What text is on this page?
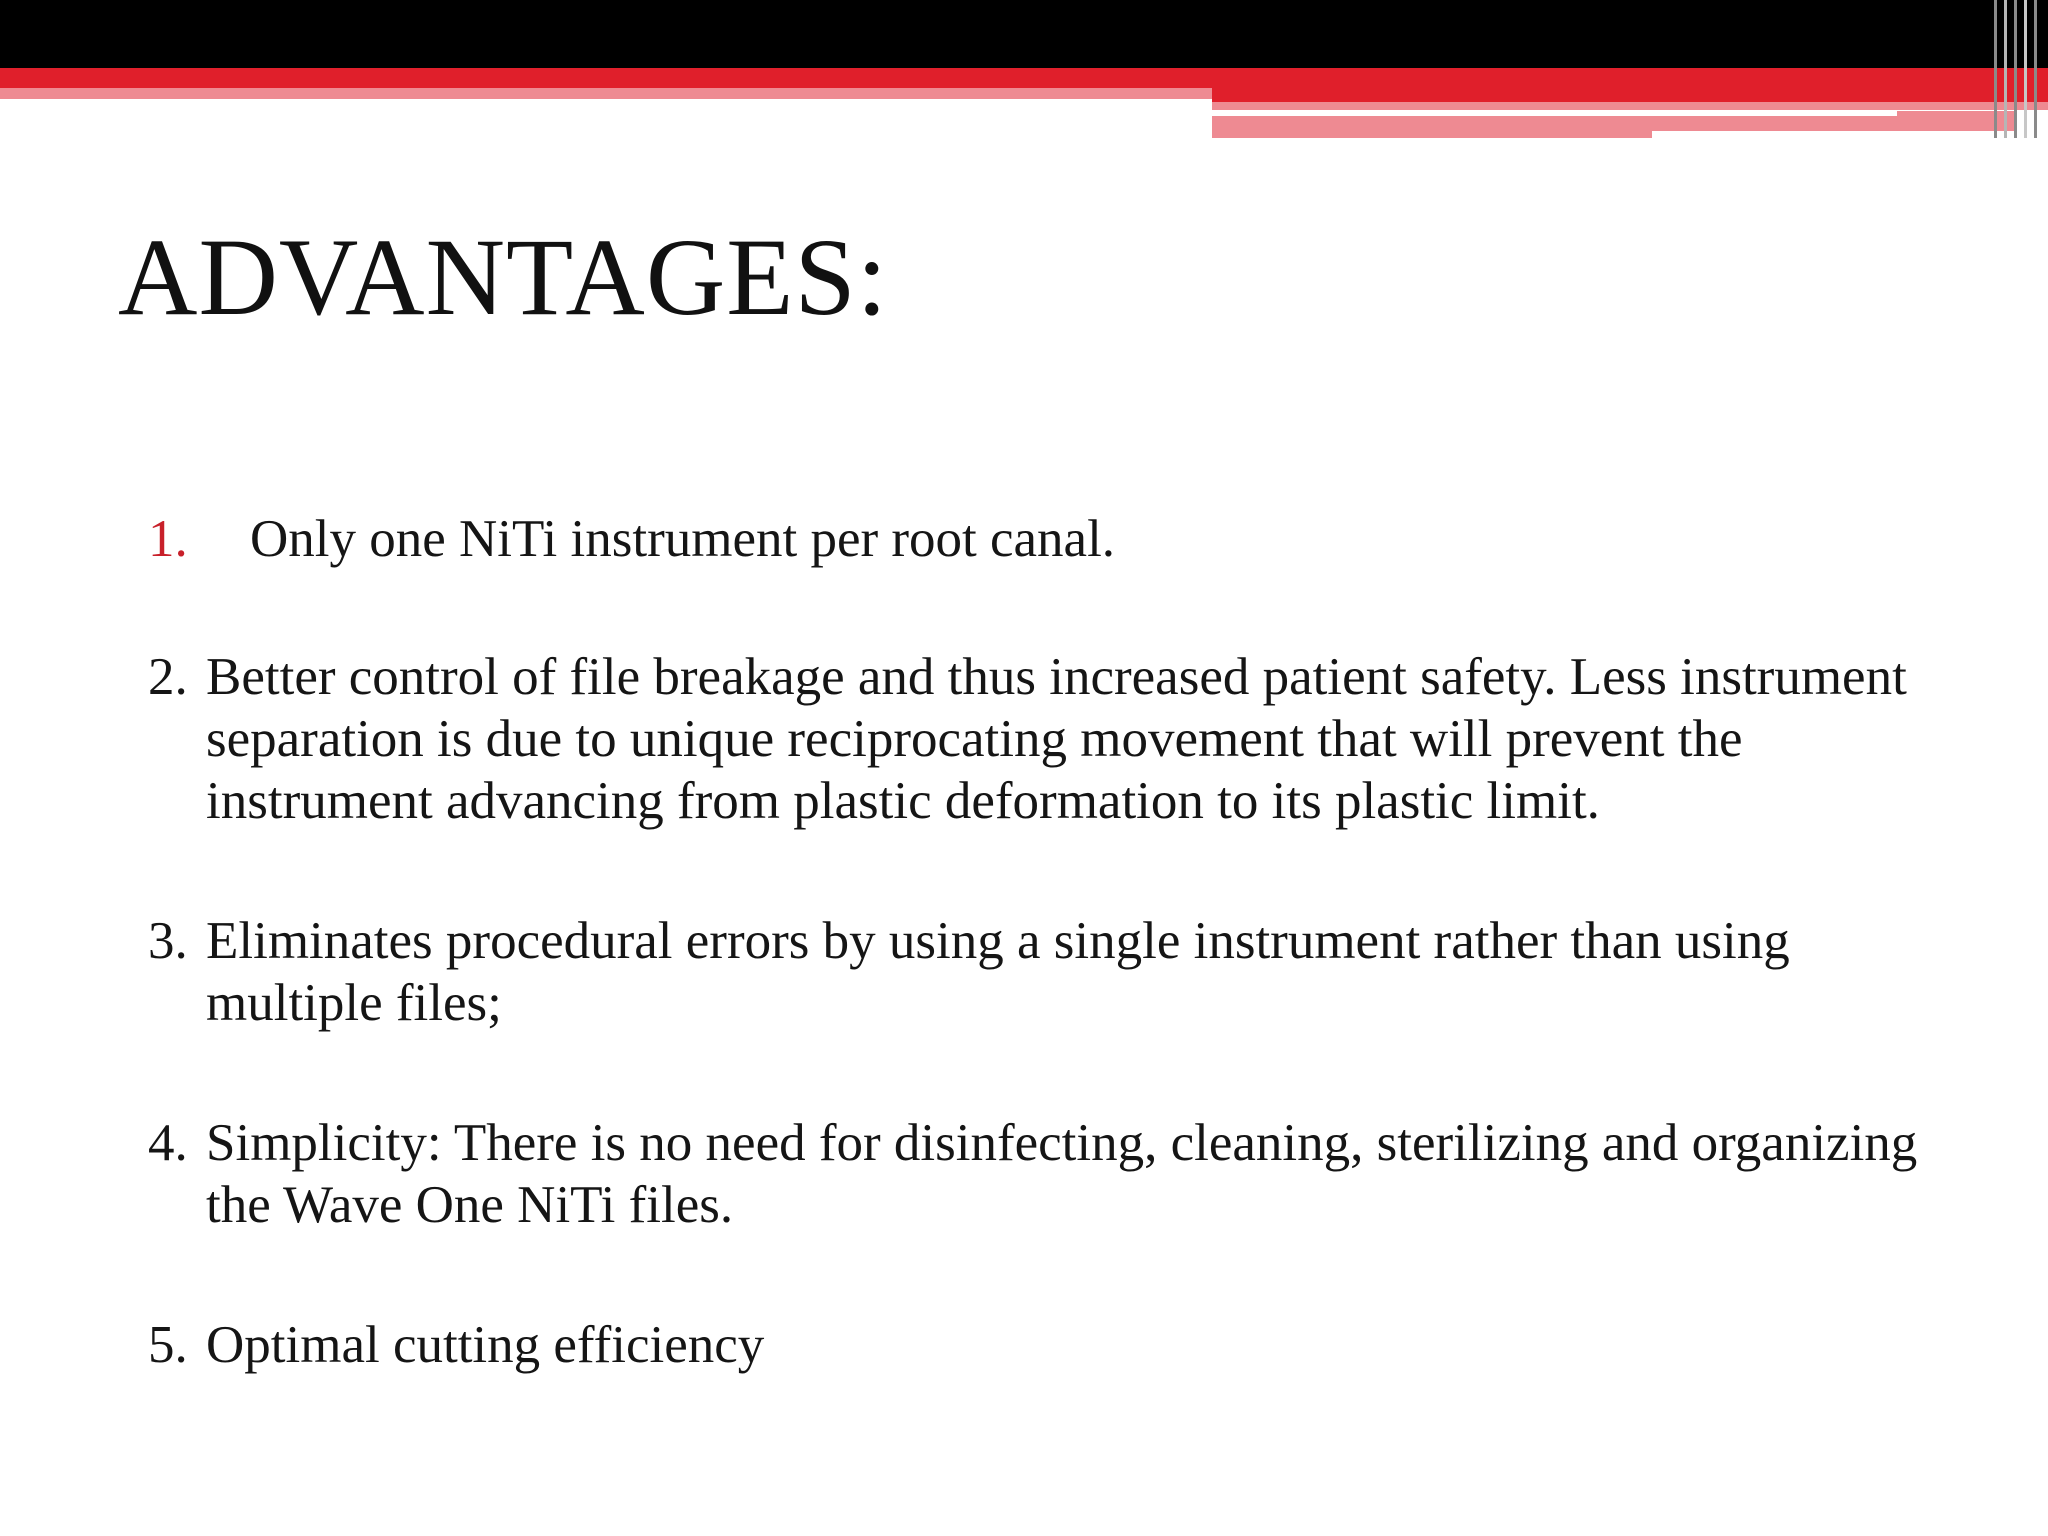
ADVANTAGES:
1. Only one NiTi instrument per root canal.
2. Better control of file breakage and thus increased patient safety. Less instrument separation is due to unique reciprocating movement that will prevent the instrument advancing from plastic deformation to its plastic limit.
3. Eliminates procedural errors by using a single instrument rather than using multiple files;
4. Simplicity: There is no need for disinfecting, cleaning, sterilizing and organizing the Wave One NiTi files.
5. Optimal cutting efficiency
